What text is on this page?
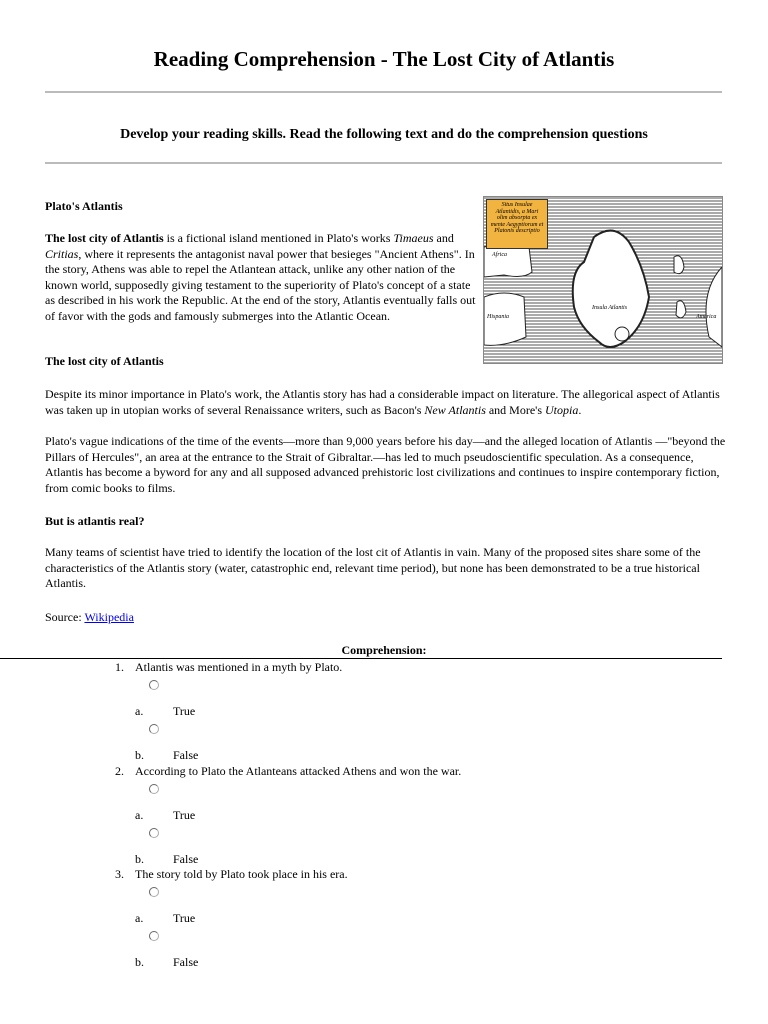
Reading Comprehension - The Lost City of Atlantis
Develop your reading skills. Read the following text and do the comprehension questions
Plato's Atlantis

The lost city of Atlantis is a fictional island mentioned in Plato's works Timaeus and Critias, where it represents the antagonist naval power that besieges "Ancient Athens". In the story, Athens was able to repel the Atlantean attack, unlike any other nation of the known world, supposedly giving testament to the superiority of Plato's concept of a state as described in his work the Republic. At the end of the story, Atlantis eventually falls out of favor with the gods and famously submerges into the Atlantic Ocean.

Situs Insulae Atlantidis, a Mari olim absorpta ex mente Aegyptiorum et Platonis descriptio
Africa
Hispania
Insula Atlantis
America
The lost city of Atlantis

Despite its minor importance in Plato's work, the Atlantis story has had a considerable impact on literature. The allegorical aspect of Atlantis was taken up in utopian works of several Renaissance writers, such as Bacon's New Atlantis and More's Utopia.

Plato's vague indications of the time of the events—more than 9,000 years before his day—and the alleged location of Atlantis —"beyond the Pillars of Hercules", an area at the entrance to the Strait of Gibraltar.—has led to much pseudoscientific speculation. As a consequence, Atlantis has become a byword for any and all supposed advanced prehistoric lost civilizations and continues to inspire contemporary fiction, from comic books to films.

But is atlantis real?

Many teams of scientist have tried to identify the location of the lost cit of Atlantis in vain. Many of the proposed sites share some of the characteristics of the Atlantis story (water, catastrophic end, relevant time period), but none has been demonstrated to be a true historical Atlantis.

Source: Wikipedia

Comprehension:
1. Atlantis was mentioned in a myth by Plato.
a. True
b. False
2. According to Plato the Atlanteans attacked Athens and won the war.
a. True
b. False
3. The story told by Plato took place in his era.
a. True
b. False
